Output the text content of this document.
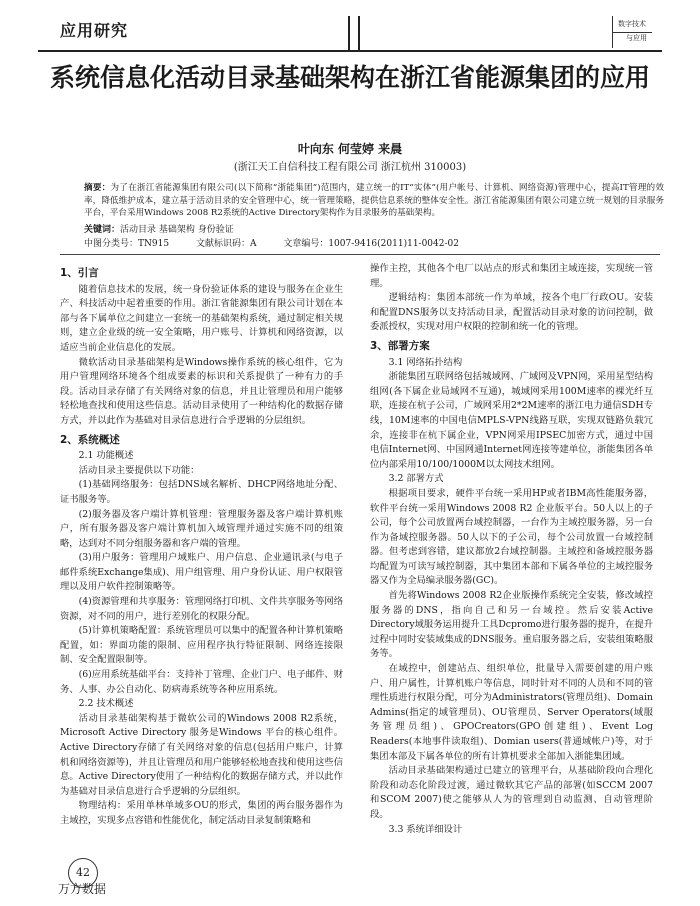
应用研究	数字技术
与应用
系统信息化活动目录基础架构在浙江省能源集团的应用
叶向东 何莹婷 来晨
(浙江天工自信科技工程有限公司 浙江杭州 310003)
摘要：为了在浙江省能源集团有限公司(以下简称“浙能集团”)范围内，建立统一的IT“实体”(用户帐号、计算机、网络资源)管理中心，提高IT管理的效率，降低维护成本，建立基于活动目录的安全管理中心，统一管理策略，提供信息系统的整体安全性。浙江省能源集团有限公司建立统一规划的目录服务平台，平台采用Windows 2008 R2系统的Active Directory架构作为目录服务的基础架构。
关键词：活动目录 基础架构 身份验证
中图分类号：TN915	文献标识码：A	文章编号：1007-9416(2011)11-0042-02
1、引言

随着信息技术的发展，统一身份验证体系的建设与服务在企业生产、科技活动中起着重要的作用。浙江省能源集团有限公司计划在本部与各下属单位之间建立一套统一的基础架构系统，通过制定相关规则，建立企业级的统一安全策略，用户账号、计算机和网络资源，以适应当前企业信息化的发展。

微软活动目录基础架构是Windows操作系统的核心组件，它为用户管理网络环境各个组成要素的标识和关系提供了一种有力的手段。活动目录存储了有关网络对象的信息，并且让管理员和用户能够轻松地查找和使用这些信息。活动目录使用了一种结构化的数据存储方式，并以此作为基础对目录信息进行合乎逻辑的分层组织。

2、系统概述
2.1 功能概述

活动目录主要提供以下功能：

(1)基础网络服务：包括DNS域名解析、DHCP网络地址分配、证书服务等。

(2)服务器及客户端计算机管理：管理服务器及客户端计算机账户，所有服务器及客户端计算机加入域管理并通过实施不同的组策略，达到对不同分组服务器和客户端的管理。

(3)用户服务：管理用户域账户、用户信息、企业通讯录(与电子邮件系统Exchange集成)、用户组管理、用户身份认证、用户权限管理以及用户软件控制策略等。

(4)资源管理和共享服务：管理网络打印机、文件共享服务等网络资源，对不同的用户，进行差别化的权限分配。

(5)计算机策略配置：系统管理员可以集中的配置各种计算机策略配置，如：界面功能的限制、应用程序执行特征限制、网络连接限制、安全配置限制等。

(6)应用系统基础平台：支持补丁管理、企业门户、电子邮件、财务、人事、办公自动化、防病毒系统等各种应用系统。

2.2 技术概述

活动目录基础架构基于微软公司的Windows 2008 R2系统，Microsoft Active Directory 服务是Windows 平台的核心组件。Active Directory存储了有关网络对象的信息(包括用户账户，计算机和网络资源等)，并且让管理员和用户能够轻松地查找和使用这些信息。Active Directory使用了一种结构化的数据存储方式，并以此作为基础对目录信息进行合乎逻辑的分层组织。

物理结构：采用单林单域多OU的形式，集团的两台服务器作为主域控，实现多点容错和性能优化，制定活动目录复制策略和

操作主控，其他各个电厂以站点的形式和集团主域连接，实现统一管理。

逻辑结构：集团本部统一作为单域，按各个电厂行政OU。安装和配置DNS服务以支持活动目录，配置活动目录对象的访问控制，做委派授权，实现对用户权限的控制和统一化的管理。

3、部署方案
3.1 网络拓扑结构

浙能集团互联网络包括城域网、广域网及VPN网，采用星型结构组网(各下属企业局域网不互通)，城域网采用100M速率的裸光纤互联，连接在杭子公司，广域网采用2*2M速率的浙江电力通信SDH专线，10M速率的中国电信MPLS-VPN线路互联，实现双链路负载冗余，连接非在杭下属企业，VPN网采用IPSEC加密方式，通过中国电信Internet网、中国网通Internet网连接等建单位，浙能集团各单位内部采用10/100/1000M以太网技术组网。

3.2 部署方式

根据项目要求，硬件平台统一采用HP或者IBM高性能服务器，软件平台统一采用Windows 2008 R2 企业版平台。50人以上的子公司，每个公司放置两台域控制器，一台作为主域控服务器，另一台作为备域控服务器。50人以下的子公司，每个公司放置一台域控制器。但考虑到容错，建议都放2台域控制器。主域控和备域控服务器均配置为可读写域控制器，其中集团本部和下属各单位的主域控服务器又作为全局编录服务器(GC)。

首先将Windows 2008 R2企业版操作系统完全安装，修改域控服务器的DNS，指向自己和另一台域控。然后安装Active Directory域服务运用提升工具Dcpromo进行服务器的提升，在提升过程中同时安装域集成的DNS服务。重启服务器之后，安装组策略服务等。

在域控中，创建站点、组织单位，批量导入需要创建的用户账户、用户属性，计算机账户等信息，同时针对不同的人员和不同的管理性质进行权限分配，可分为Administrators(管理员组)、Domain Admins(指定的域管理员)、OU管理员、Server Operators(域服务管理员组)、GPOCreators(GPO创建组)、Event Log Readers(本地事件读取组)、Domian users(普通域帐户)等，对于集团本部及下属各单位的所有计算机要求全部加入浙能集团域。

活动目录基础架构通过已建立的管理平台，从基础阶段向合理化阶段和动态化阶段过渡，通过微软其它产品的部署(如SCCM 2007和SCOM 2007)使之能够从人为的管理到自动监测、自动管理阶段。

3.3 系统详细设计
42
万方数据
